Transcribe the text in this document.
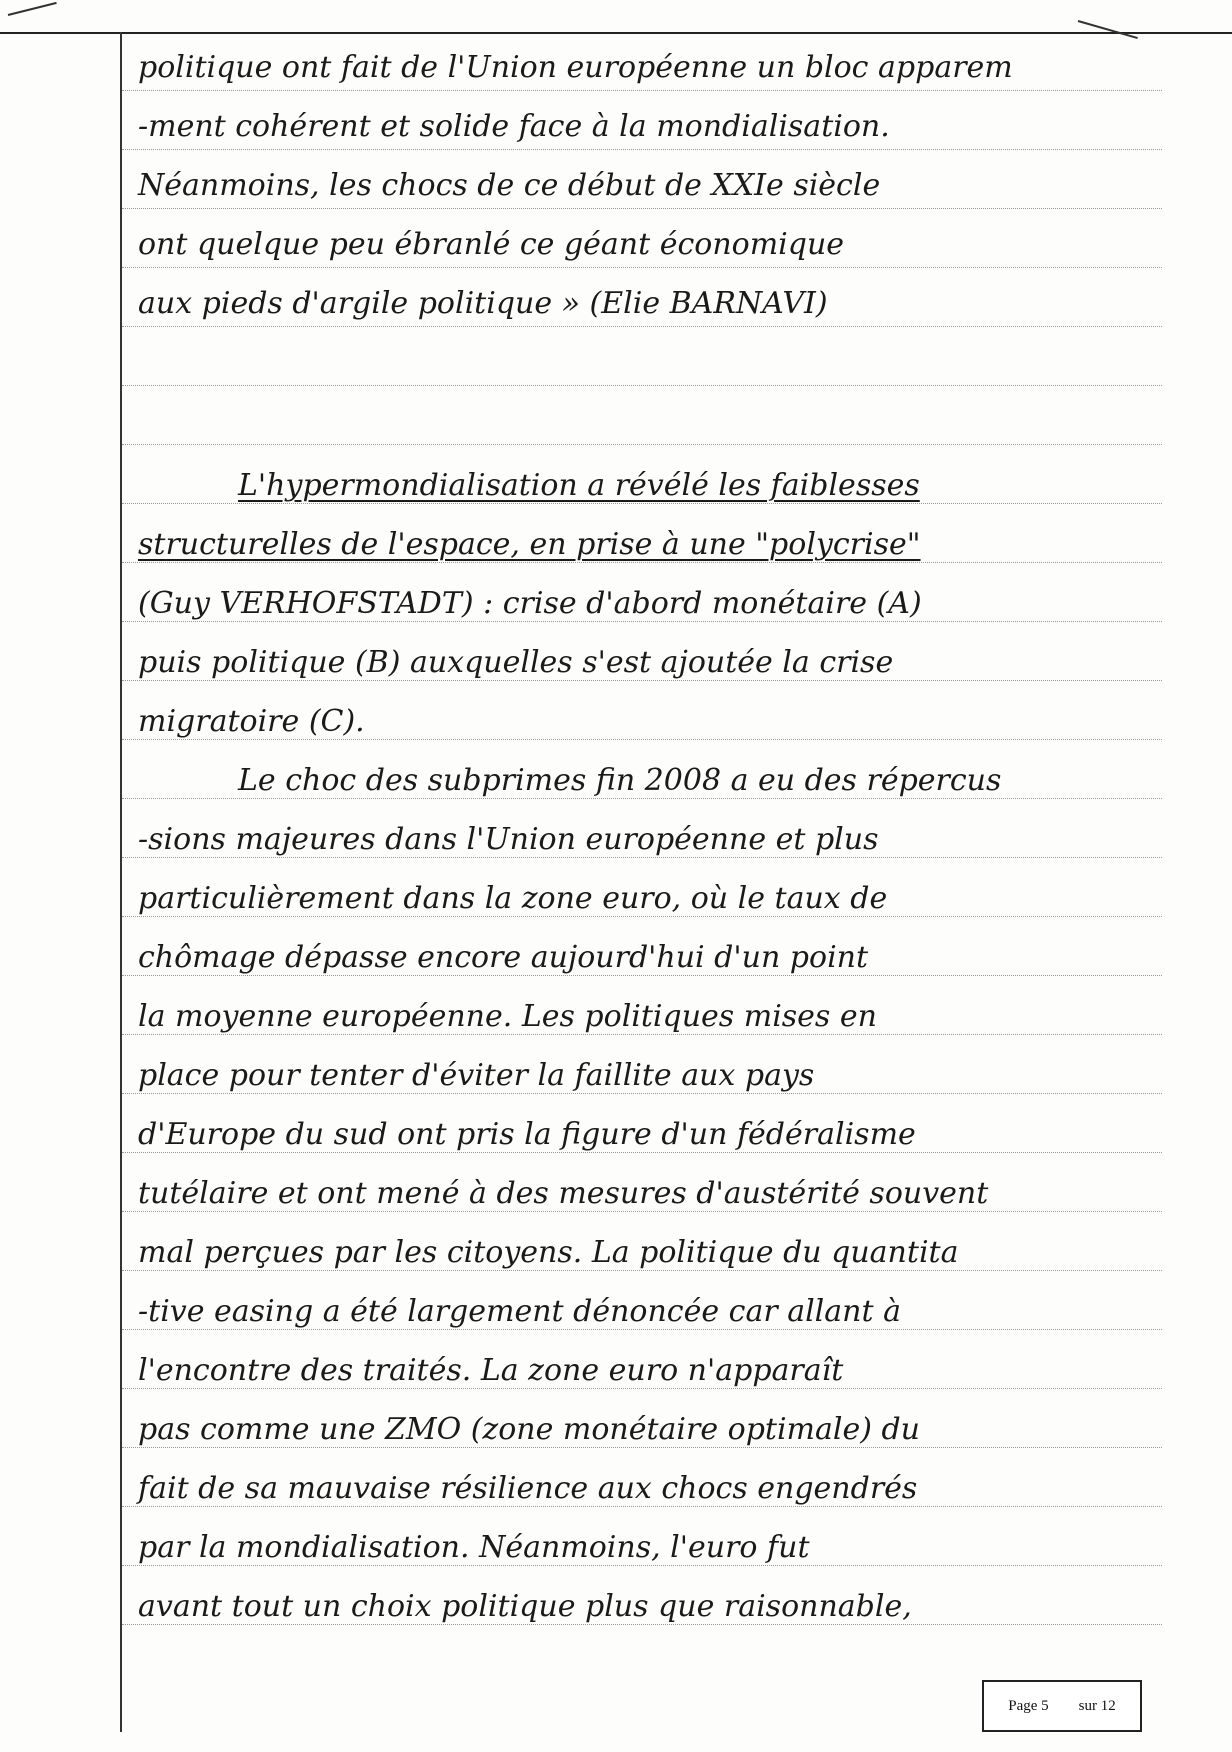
politique ont fait de l'Union européenne un bloc apparem
-ment cohérent et solide face à la mondialisation.
Néanmoins, les chocs de ce début de XXIe siècle
ont quelque peu ébranlé ce géant économique
aux pieds d'argile politique » (Elie BARNAVI)
L'hypermondialisation a révélé les faiblesses
structurelles de l'espace, en prise à une "polycrise"
(Guy VERHOFSTADT) : crise d'abord monétaire (A)
puis politique (B) auxquelles s'est ajoutée la crise
migratoire (C).
Le choc des subprimes fin 2008 a eu des répercus
-sions majeures dans l'Union européenne et plus
particulièrement dans la zone euro, où le taux de
chômage dépasse encore aujourd'hui d'un point
la moyenne européenne. Les politiques mises en
place pour tenter d'éviter la faillite aux pays
d'Europe du sud ont pris la figure d'un fédéralisme
tutélaire et ont mené à des mesures d'austérité souvent
mal perçues par les citoyens. La politique du quantita
-tive easing a été largement dénoncée car allant à
l'encontre des traités. La zone euro n'apparaît
pas comme une ZMO (zone monétaire optimale) du
fait de sa mauvaise résilience aux chocs engendrés
par la mondialisation. Néanmoins, l'euro fut
avant tout un choix politique plus que raisonnable,
Page 5 sur 12
